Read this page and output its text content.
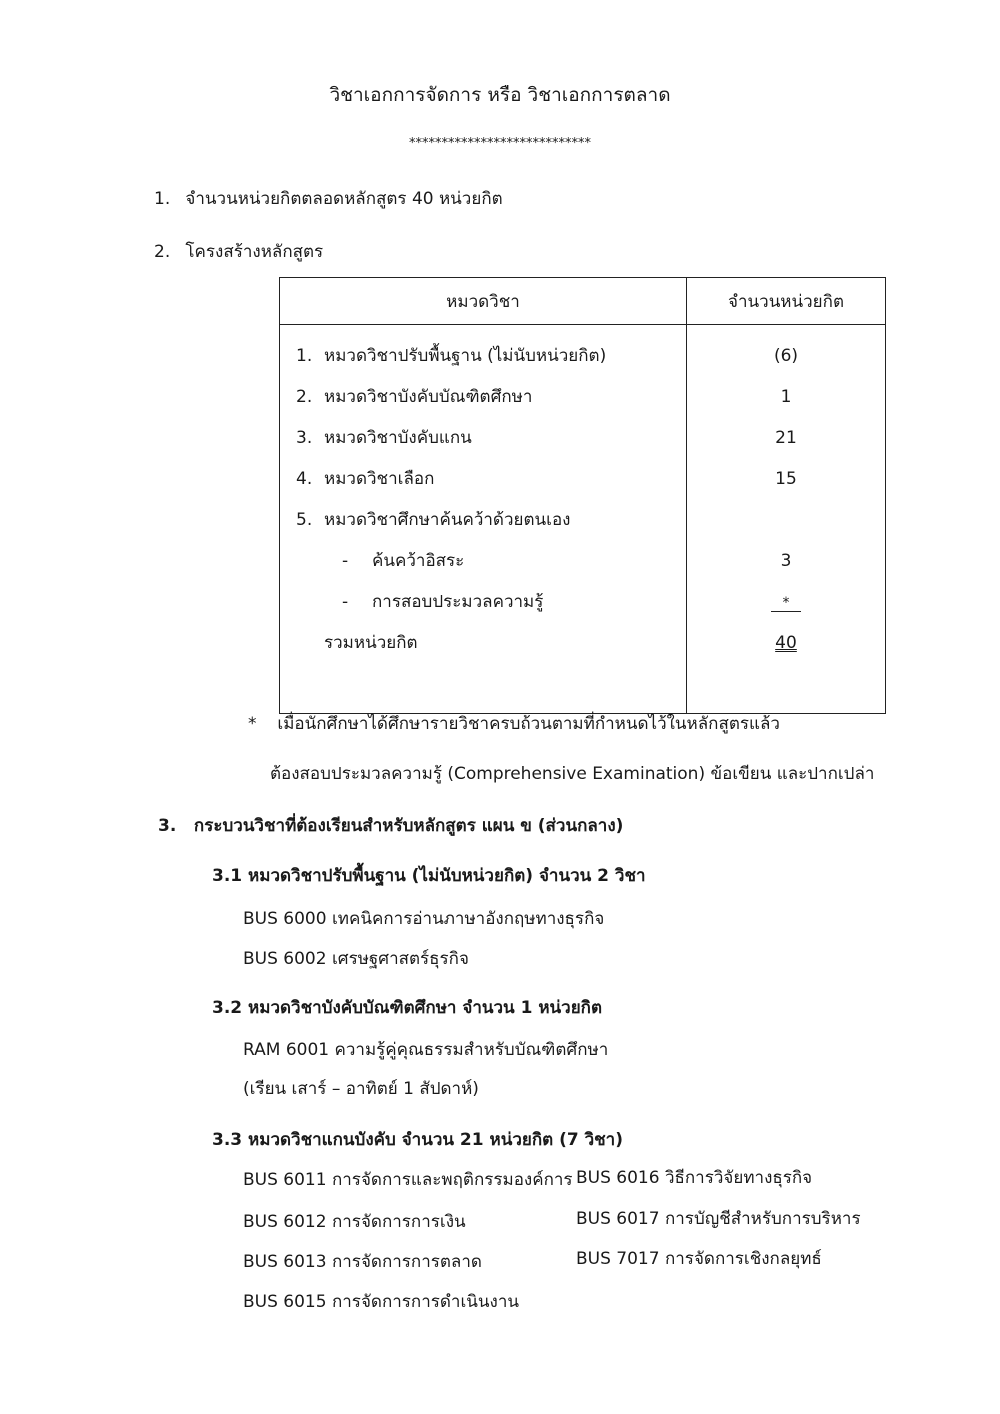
วิชาเอกการจัดการ หรือ วิชาเอกการตลาด
****************************
1. จำนวนหน่วยกิตตลอดหลักสูตร 40 หน่วยกิต
2. โครงสร้างหลักสูตร
หมวดวิชา	จำนวนหน่วยกิต
1. หมวดวิชาปรับพื้นฐาน (ไม่นับหน่วยกิต)	(6)
2. หมวดวิชาบังคับบัณฑิตศึกษา	1
3. หมวดวิชาบังคับแกน	21
4. หมวดวิชาเลือก	15
5. หมวดวิชาศึกษาค้นคว้าด้วยตนเอง	
- ค้นคว้าอิสระ	3
- การสอบประมวลความรู้	*
รวมหน่วยกิต	40

* เมื่อนักศึกษาได้ศึกษารายวิชาครบถ้วนตามที่กำหนดไว้ในหลักสูตรแล้ว
ต้องสอบประมวลความรู้ (Comprehensive Examination) ข้อเขียน และปากเปล่า
3. กระบวนวิชาที่ต้องเรียนสำหรับหลักสูตร แผน ข (ส่วนกลาง)
3.1 หมวดวิชาปรับพื้นฐาน (ไม่นับหน่วยกิต) จำนวน 2 วิชา
BUS 6000 เทคนิคการอ่านภาษาอังกฤษทางธุรกิจ
BUS 6002 เศรษฐศาสตร์ธุรกิจ
3.2 หมวดวิชาบังคับบัณฑิตศึกษา จำนวน 1 หน่วยกิต
RAM 6001 ความรู้คู่คุณธรรมสำหรับบัณฑิตศึกษา
(เรียน เสาร์ – อาทิตย์ 1 สัปดาห์)
3.3 หมวดวิชาแกนบังคับ จำนวน 21 หน่วยกิต (7 วิชา)
BUS 6011 การจัดการและพฤติกรรมองค์การ
BUS 6012 การจัดการการเงิน
BUS 6013 การจัดการการตลาด
BUS 6015 การจัดการการดำเนินงาน
BUS 6016 วิธีการวิจัยทางธุรกิจ
BUS 6017 การบัญชีสำหรับการบริหาร
BUS 7017 การจัดการเชิงกลยุทธ์
